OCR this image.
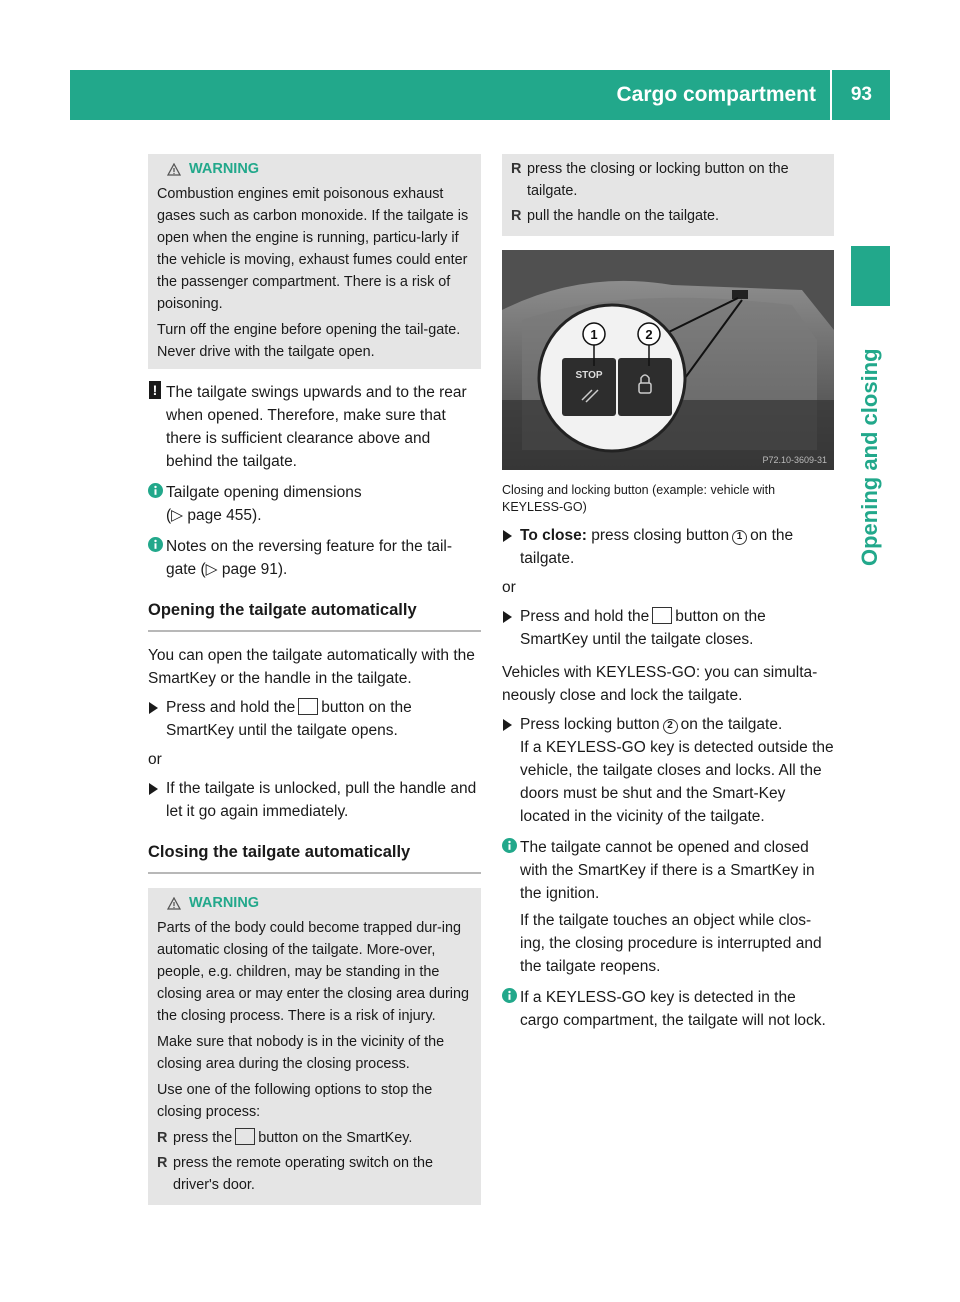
Cargo compartment 93
Opening and closing
WARNING

Combustion engines emit poisonous exhaust gases such as carbon monoxide. If the tailgate is open when the engine is running, particu-larly if the vehicle is moving, exhaust fumes could enter the passenger compartment. There is a risk of poisoning.

Turn off the engine before opening the tail-gate. Never drive with the tailgate open.

! The tailgate swings upwards and to the rear when opened. Therefore, make sure that there is sufficient clearance above and behind the tailgate.
Tailgate opening dimensions
(▷ page 455).
Notes on the reversing feature for the tail-gate (▷ page 91).
Opening the tailgate automatically

You can open the tailgate automatically with the SmartKey or the handle in the tailgate.

Press and hold the button on the SmartKey until the tailgate opens.

or

If the tailgate is unlocked, pull the handle and let it go again immediately.
Closing the tailgate automatically
WARNING

Parts of the body could become trapped dur-ing automatic closing of the tailgate. More-over, people, e.g. children, may be standing in the closing area or may enter the closing area during the closing process. There is a risk of injury.

Make sure that nobody is in the vicinity of the closing area during the closing process.

Use one of the following options to stop the closing process:

R press the button on the SmartKey.
R press the remote operating switch on the driver's door.
R press the closing or locking button on the tailgate.
R pull the handle on the tailgate.
STOP
1	2
P72.10-3609-31

Closing and locking button (example: vehicle with KEYLESS-GO)

To close: press closing button 1 on the tailgate.

or

Press and hold the button on the SmartKey until the tailgate closes.

Vehicles with KEYLESS-GO: you can simulta-neously close and lock the tailgate.

Press locking button 2 on the tailgate.
If a KEYLESS-GO key is detected outside the vehicle, the tailgate closes and locks. All the doors must be shut and the Smart-Key located in the vicinity of the tailgate.
The tailgate cannot be opened and closed with the SmartKey if there is a SmartKey in the ignition.
If the tailgate touches an object while clos-ing, the closing procedure is interrupted and the tailgate reopens.
If a KEYLESS-GO key is detected in the cargo compartment, the tailgate will not lock.
